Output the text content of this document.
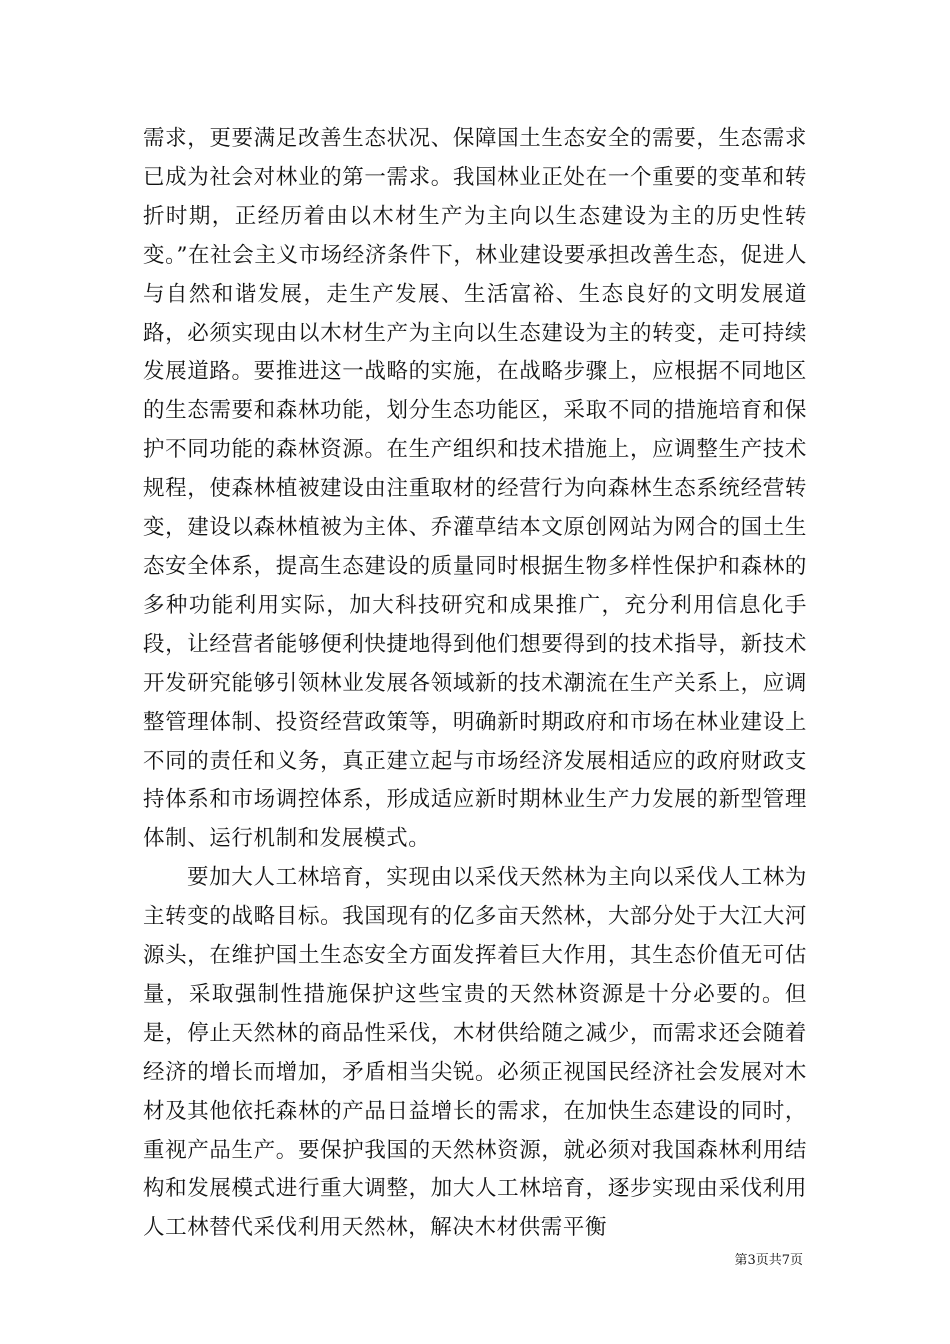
需求，更要满足改善生态状况、保障国土生态安全的需要，生态需求已成为社会对林业的第一需求。我国林业正处在一个重要的变革和转折时期，正经历着由以木材生产为主向以生态建设为主的历史性转变。”在社会主义市场经济条件下，林业建设要承担改善生态，促进人与自然和谐发展，走生产发展、生活富裕、生态良好的文明发展道路，必须实现由以木材生产为主向以生态建设为主的转变，走可持续发展道路。要推进这一战略的实施，在战略步骤上，应根据不同地区的生态需要和森林功能，划分生态功能区，采取不同的措施培育和保护不同功能的森林资源。在生产组织和技术措施上，应调整生产技术规程，使森林植被建设由注重取材的经营行为向森林生态系统经营转变，建设以森林植被为主体、乔灌草结本文原创网站为网合的国土生态安全体系，提高生态建设的质量同时根据生物多样性保护和森林的多种功能利用实际，加大科技研究和成果推广，充分利用信息化手段，让经营者能够便利快捷地得到他们想要得到的技术指导，新技术开发研究能够引领林业发展各领域新的技术潮流在生产关系上，应调整管理体制、投资经营政策等，明确新时期政府和市场在林业建设上不同的责任和义务，真正建立起与市场经济发展相适应的政府财政支持体系和市场调控体系，形成适应新时期林业生产力发展的新型管理体制、运行机制和发展模式。

要加大人工林培育，实现由以采伐天然林为主向以采伐人工林为主转变的战略目标。我国现有的亿多亩天然林，大部分处于大江大河源头，在维护国土生态安全方面发挥着巨大作用，其生态价值无可估量，采取强制性措施保护这些宝贵的天然林资源是十分必要的。但是，停止天然林的商品性采伐，木材供给随之减少，而需求还会随着经济的增长而增加，矛盾相当尖锐。必须正视国民经济社会发展对木材及其他依托森林的产品日益增长的需求，在加快生态建设的同时，重视产品生产。要保护我国的天然林资源，就必须对我国森林利用结构和发展模式进行重大调整，加大人工林培育，逐步实现由采伐利用人工林替代采伐利用天然林，解决木材供需平衡

第3页共7页
